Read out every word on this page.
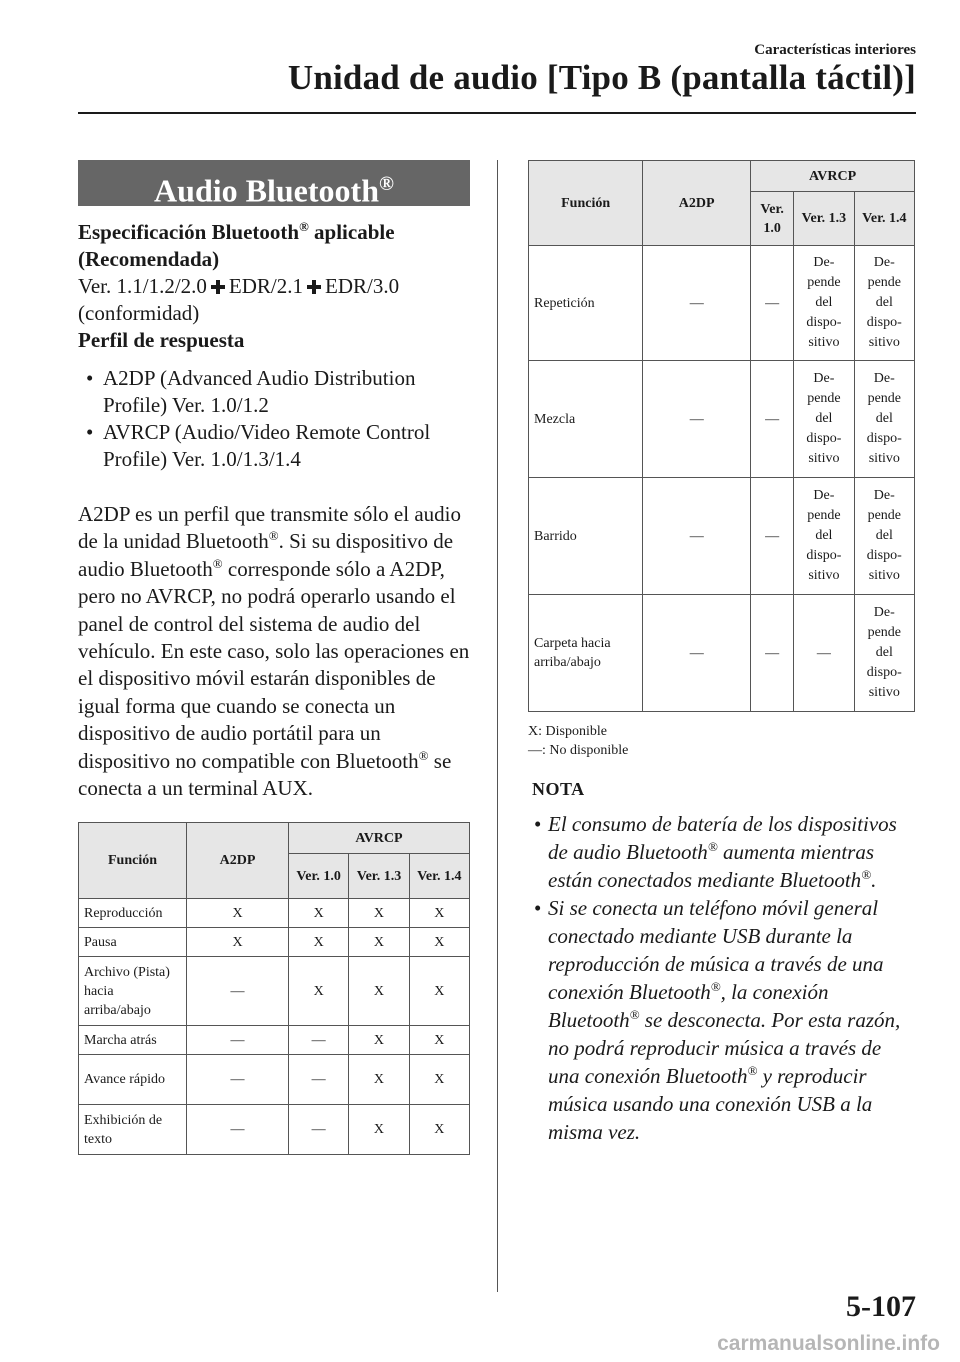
Características interiores
Unidad de audio [Tipo B (pantalla táctil)]
Audio Bluetooth®
Especificación Bluetooth® aplicable
(Recomendada)
Ver. 1.1/1.2/2.0 EDR/2.1 EDR/3.0
(conformidad)
Perfil de respuesta
• A2DP (Advanced Audio Distribution Profile) Ver. 1.0/1.2
• AVRCP (Audio/Video Remote Control Profile) Ver. 1.0/1.3/1.4
A2DP es un perfil que transmite sólo el audio de la unidad Bluetooth®. Si su dispositivo de audio Bluetooth® corresponde sólo a A2DP, pero no AVRCP, no podrá operarlo usando el panel de control del sistema de audio del vehículo. En este caso, solo las operaciones en el dispositivo móvil estarán disponibles de igual forma que cuando se conecta un dispositivo de audio portátil para un dispositivo no compatible con Bluetooth® se conecta a un terminal AUX.
Función	A2DP	AVRCP		
		Ver. 1.0	Ver. 1.3	Ver. 1.4
Reproducción	X	X	X	X
Pausa	X	X	X	X
Archivo (Pista) hacia arriba/abajo	—	X	X	X
Marcha atrás	—	—	X	X
Avance rápido	—	—	X	X
Exhibición de texto	—	—	X	X
Función	A2DP	AVRCP		
		Ver. 1.0	Ver. 1.3	Ver. 1.4
Repetición	—	—	De-pende del dispo-sitivo	De-pende del dispo-sitivo
Mezcla	—	—	De-pende del dispo-sitivo	De-pende del dispo-sitivo
Barrido	—	—	De-pende del dispo-sitivo	De-pende del dispo-sitivo
Carpeta hacia arriba/abajo	—	—	—	De-pende del dispo-sitivo
X: Disponible
—: No disponible
NOTA
• El consumo de batería de los dispositivos de audio Bluetooth® aumenta mientras están conectados mediante Bluetooth®.
• Si se conecta un teléfono móvil general conectado mediante USB durante la reproducción de música a través de una conexión Bluetooth®, la conexión Bluetooth® se desconecta. Por esta razón, no podrá reproducir música a través de una conexión Bluetooth® y reproducir música usando una conexión USB a la misma vez.
5-107
carmanualsonline.info
